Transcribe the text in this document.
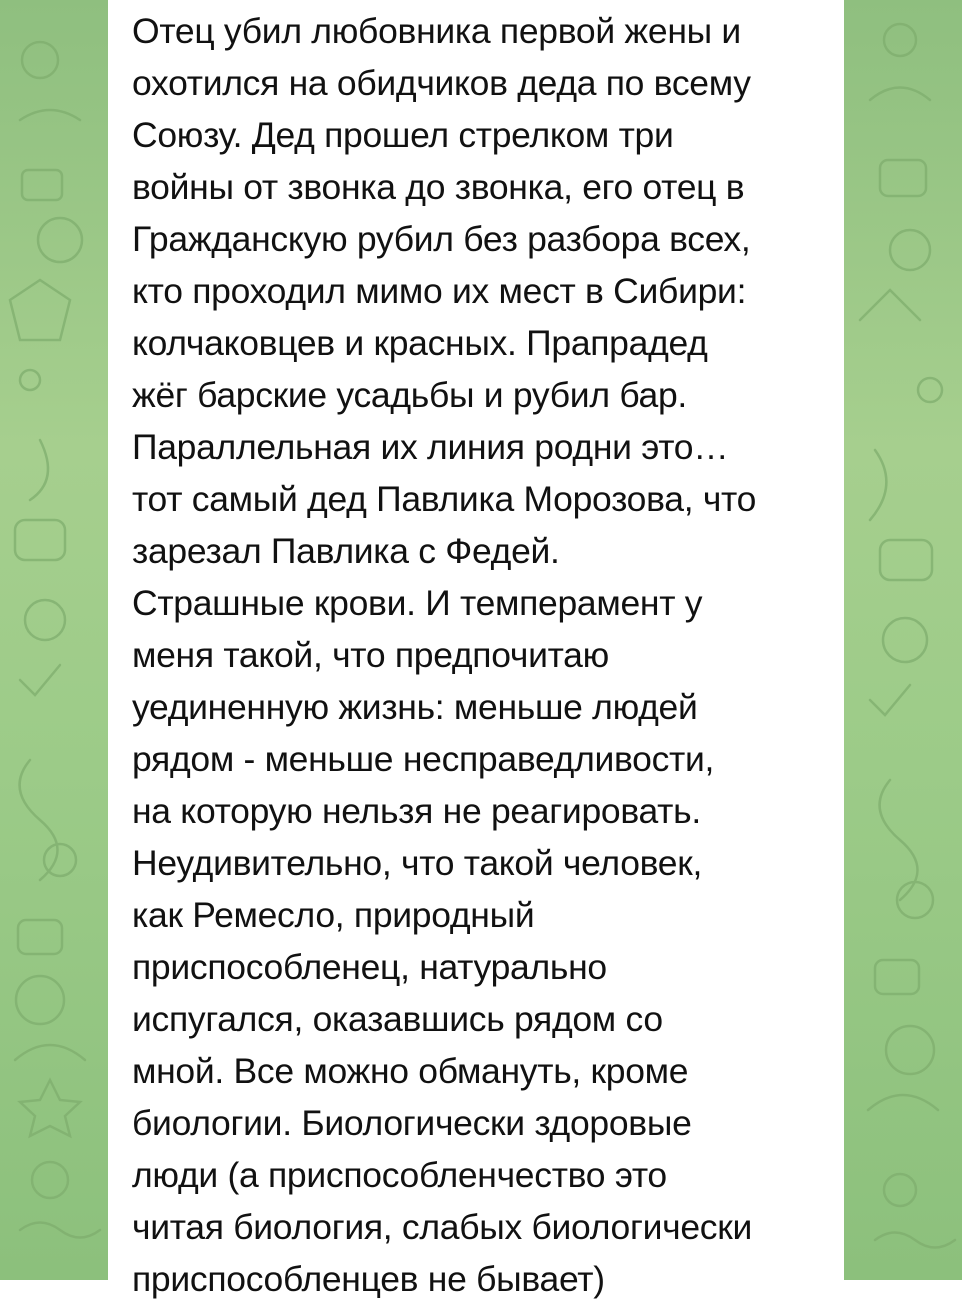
Отец убил любовника первой жены и
охотился на обидчиков деда по всему
Союзу. Дед прошел стрелком три
войны от звонка до звонка, его отец в
Гражданскую рубил без разбора всех,
кто проходил мимо их мест в Сибири:
колчаковцев и красных. Прапрадед
жёг барские усадьбы и рубил бар.
Параллельная их линия родни это…
тот самый дед Павлика Морозова, что
зарезал Павлика с Федей.
Страшные крови. И темперамент у
меня такой, что предпочитаю
уединенную жизнь: меньше людей
рядом - меньше несправедливости,
на которую нельзя не реагировать.
Неудивительно, что такой человек,
как Ремесло, природный
приспособленец, натурально
испугался, оказавшись рядом со
мной. Все можно обмануть, кроме
биологии. Биологически здоровые
люди (а приспособленчество это
читая биология, слабых биологически
приспособленцев не бывает)
